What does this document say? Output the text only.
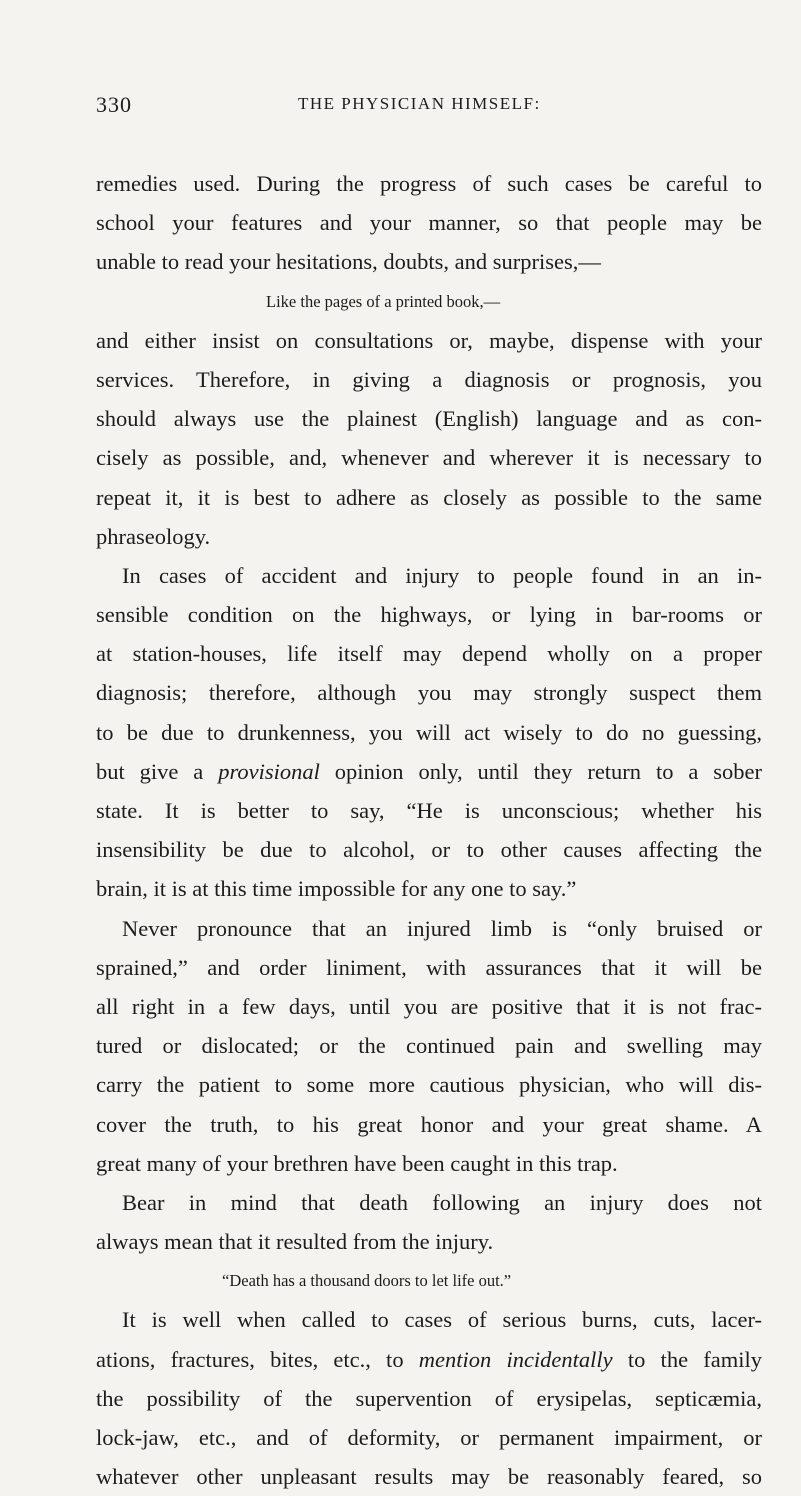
330	THE PHYSICIAN HIMSELF:
remedies used. During the progress of such cases be careful to
school your features and your manner, so that people may be
unable to read your hesitations, doubts, and surprises,—
Like the pages of a printed book,—
and either insist on consultations or, maybe, dispense with your
services. Therefore, in giving a diagnosis or prognosis, you
should always use the plainest (English) language and as con-
cisely as possible, and, whenever and wherever it is necessary to
repeat it, it is best to adhere as closely as possible to the same
phraseology.
In cases of accident and injury to people found in an in-
sensible condition on the highways, or lying in bar-rooms or
at station-houses, life itself may depend wholly on a proper
diagnosis; therefore, although you may strongly suspect them
to be due to drunkenness, you will act wisely to do no guessing,
but give a provisional opinion only, until they return to a sober
state. It is better to say, “He is unconscious; whether his
insensibility be due to alcohol, or to other causes affecting the
brain, it is at this time impossible for any one to say.”
Never pronounce that an injured limb is “only bruised or
sprained,” and order liniment, with assurances that it will be
all right in a few days, until you are positive that it is not frac-
tured or dislocated; or the continued pain and swelling may
carry the patient to some more cautious physician, who will dis-
cover the truth, to his great honor and your great shame. A
great many of your brethren have been caught in this trap.
Bear in mind that death following an injury does not
always mean that it resulted from the injury.
“Death has a thousand doors to let life out.”
It is well when called to cases of serious burns, cuts, lacer-
ations, fractures, bites, etc., to mention incidentally to the family
the possibility of the supervention of erysipelas, septicæmia,
lock-jaw, etc., and of deformity, or permanent impairment, or
whatever other unpleasant results may be reasonably feared, so
